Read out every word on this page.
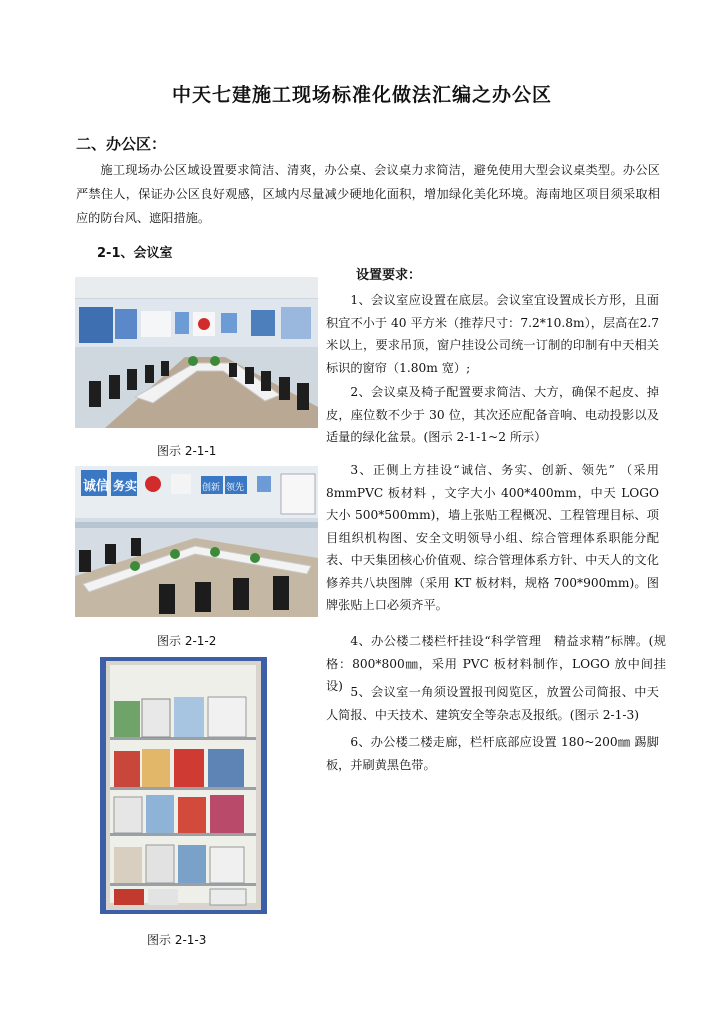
中天七建施工现场标准化做法汇编之办公区
二、办公区：
施工现场办公区域设置要求简洁、清爽，办公桌、会议桌力求简洁，避免使用大型会议桌类型。办公区严禁住人，保证办公区良好观感，区域内尽量减少硬地化面积，增加绿化美化环境。海南地区项目须采取相应的防台风、遮阳措施。
2-1、会议室
图示 2-1-1
诚信 务实	创新 领先
图示 2-1-2
图示 2-1-3
设置要求：
1、会议室应设置在底层。会议室宜设置成长方形，且面积宜不小于 40 平方米（推荐尺寸：7.2*10.8m），层高在2.7 米以上，要求吊顶，窗户挂设公司统一订制的印制有中天相关标识的窗帘（1.80m 宽）;
2、会议桌及椅子配置要求简洁、大方，确保不起皮、掉皮，座位数不少于 30 位，其次还应配备音响、电动投影以及适量的绿化盆景。(图示 2-1-1~2 所示）
3、正侧上方挂设“诚信、务实、创新、领先” （采用8mmPVC 板材料 ，文字大小 400*400mm，中天 LOGO 大小 500*500mm)，墙上张贴工程概况、工程管理目标、项目组织机构图、安全文明领导小组、综合管理体系职能分配表、中天集团核心价值观、综合管理体系方针、中天人的文化修养共八块图牌（采用 KT 板材料，规格 700*900mm)。图牌张贴上口必须齐平。
4、办公楼二楼栏杆挂设“科学管理　精益求精”标牌。(规格：800*800㎜，采用 PVC 板材料制作，LOGO 放中间挂设) 5、会议室一角须设置报刊阅览区，放置公司简报、中天人简报、中天技术、建筑安全等杂志及报纸。(图示 2-1-3)
6、办公楼二楼走廊，栏杆底部应设置 180~200㎜ 踢脚板，并刷黄黑色带。
